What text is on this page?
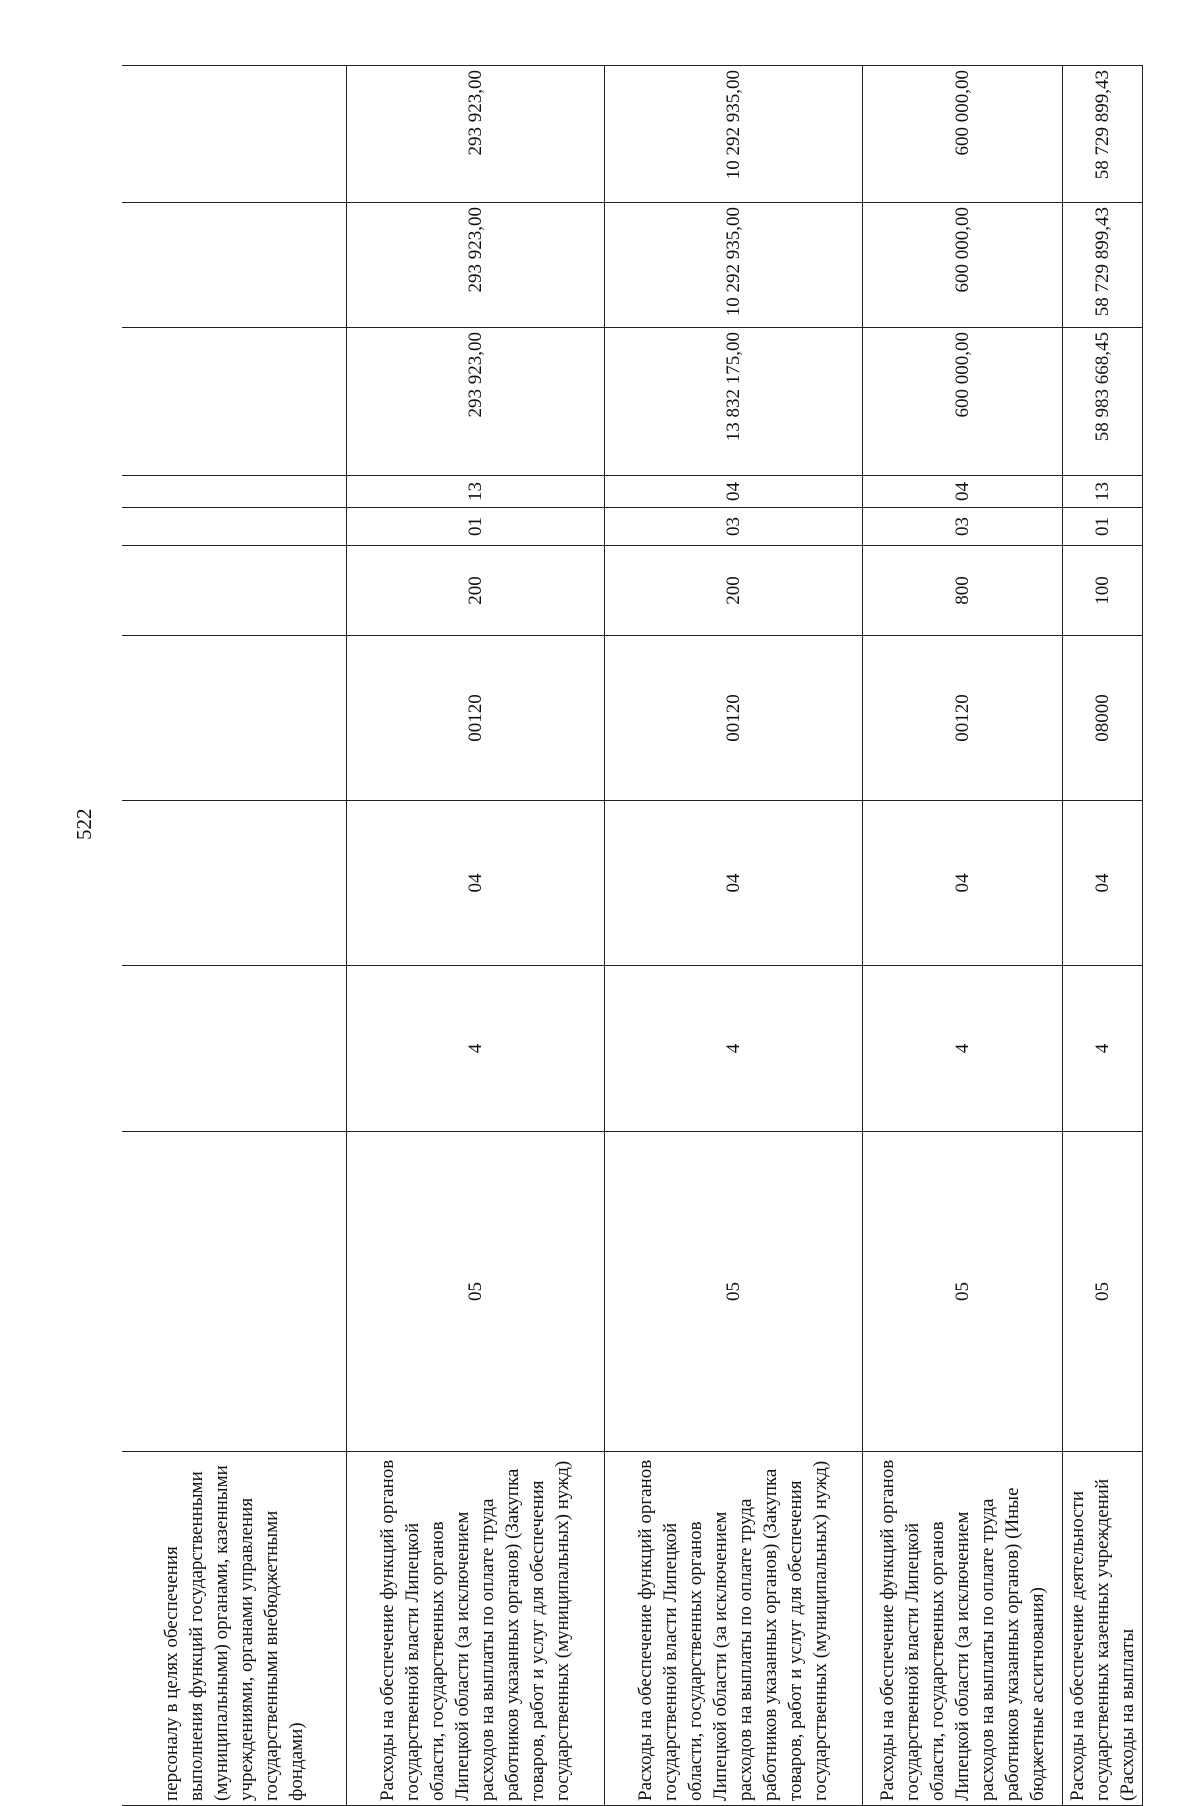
522
персоналу в целях обеспечения выполнения функций государственными (муниципальными) органами, казенными учреждениями, органами управления государственными внебюджетными фондами)										
Расходы на обеспечение функций органов государственной власти Липецкой области, государственных органов Липецкой области (за исключением расходов на выплаты по оплате труда работников указанных органов) (Закупка товаров, работ и услуг для обеспечения государственных (муниципальных) нужд)	05	4	04	00120	200	01	13	293 923,00	293 923,00	293 923,00
Расходы на обеспечение функций органов государственной власти Липецкой области, государственных органов Липецкой области (за исключением расходов на выплаты по оплате труда работников указанных органов) (Закупка товаров, работ и услуг для обеспечения государственных (муниципальных) нужд)	05	4	04	00120	200	03	04	13 832 175,00	10 292 935,00	10 292 935,00
Расходы на обеспечение функций органов государственной власти Липецкой области, государственных органов Липецкой области (за исключением расходов на выплаты по оплате труда работников указанных органов) (Иные бюджетные ассигнования)	05	4	04	00120	800	03	04	600 000,00	600 000,00	600 000,00
Расходы на обеспечение деятельности государственных казенных учреждений (Расходы на выплаты	05	4	04	08000	100	01	13	58 983 668,45	58 729 899,43	58 729 899,43
